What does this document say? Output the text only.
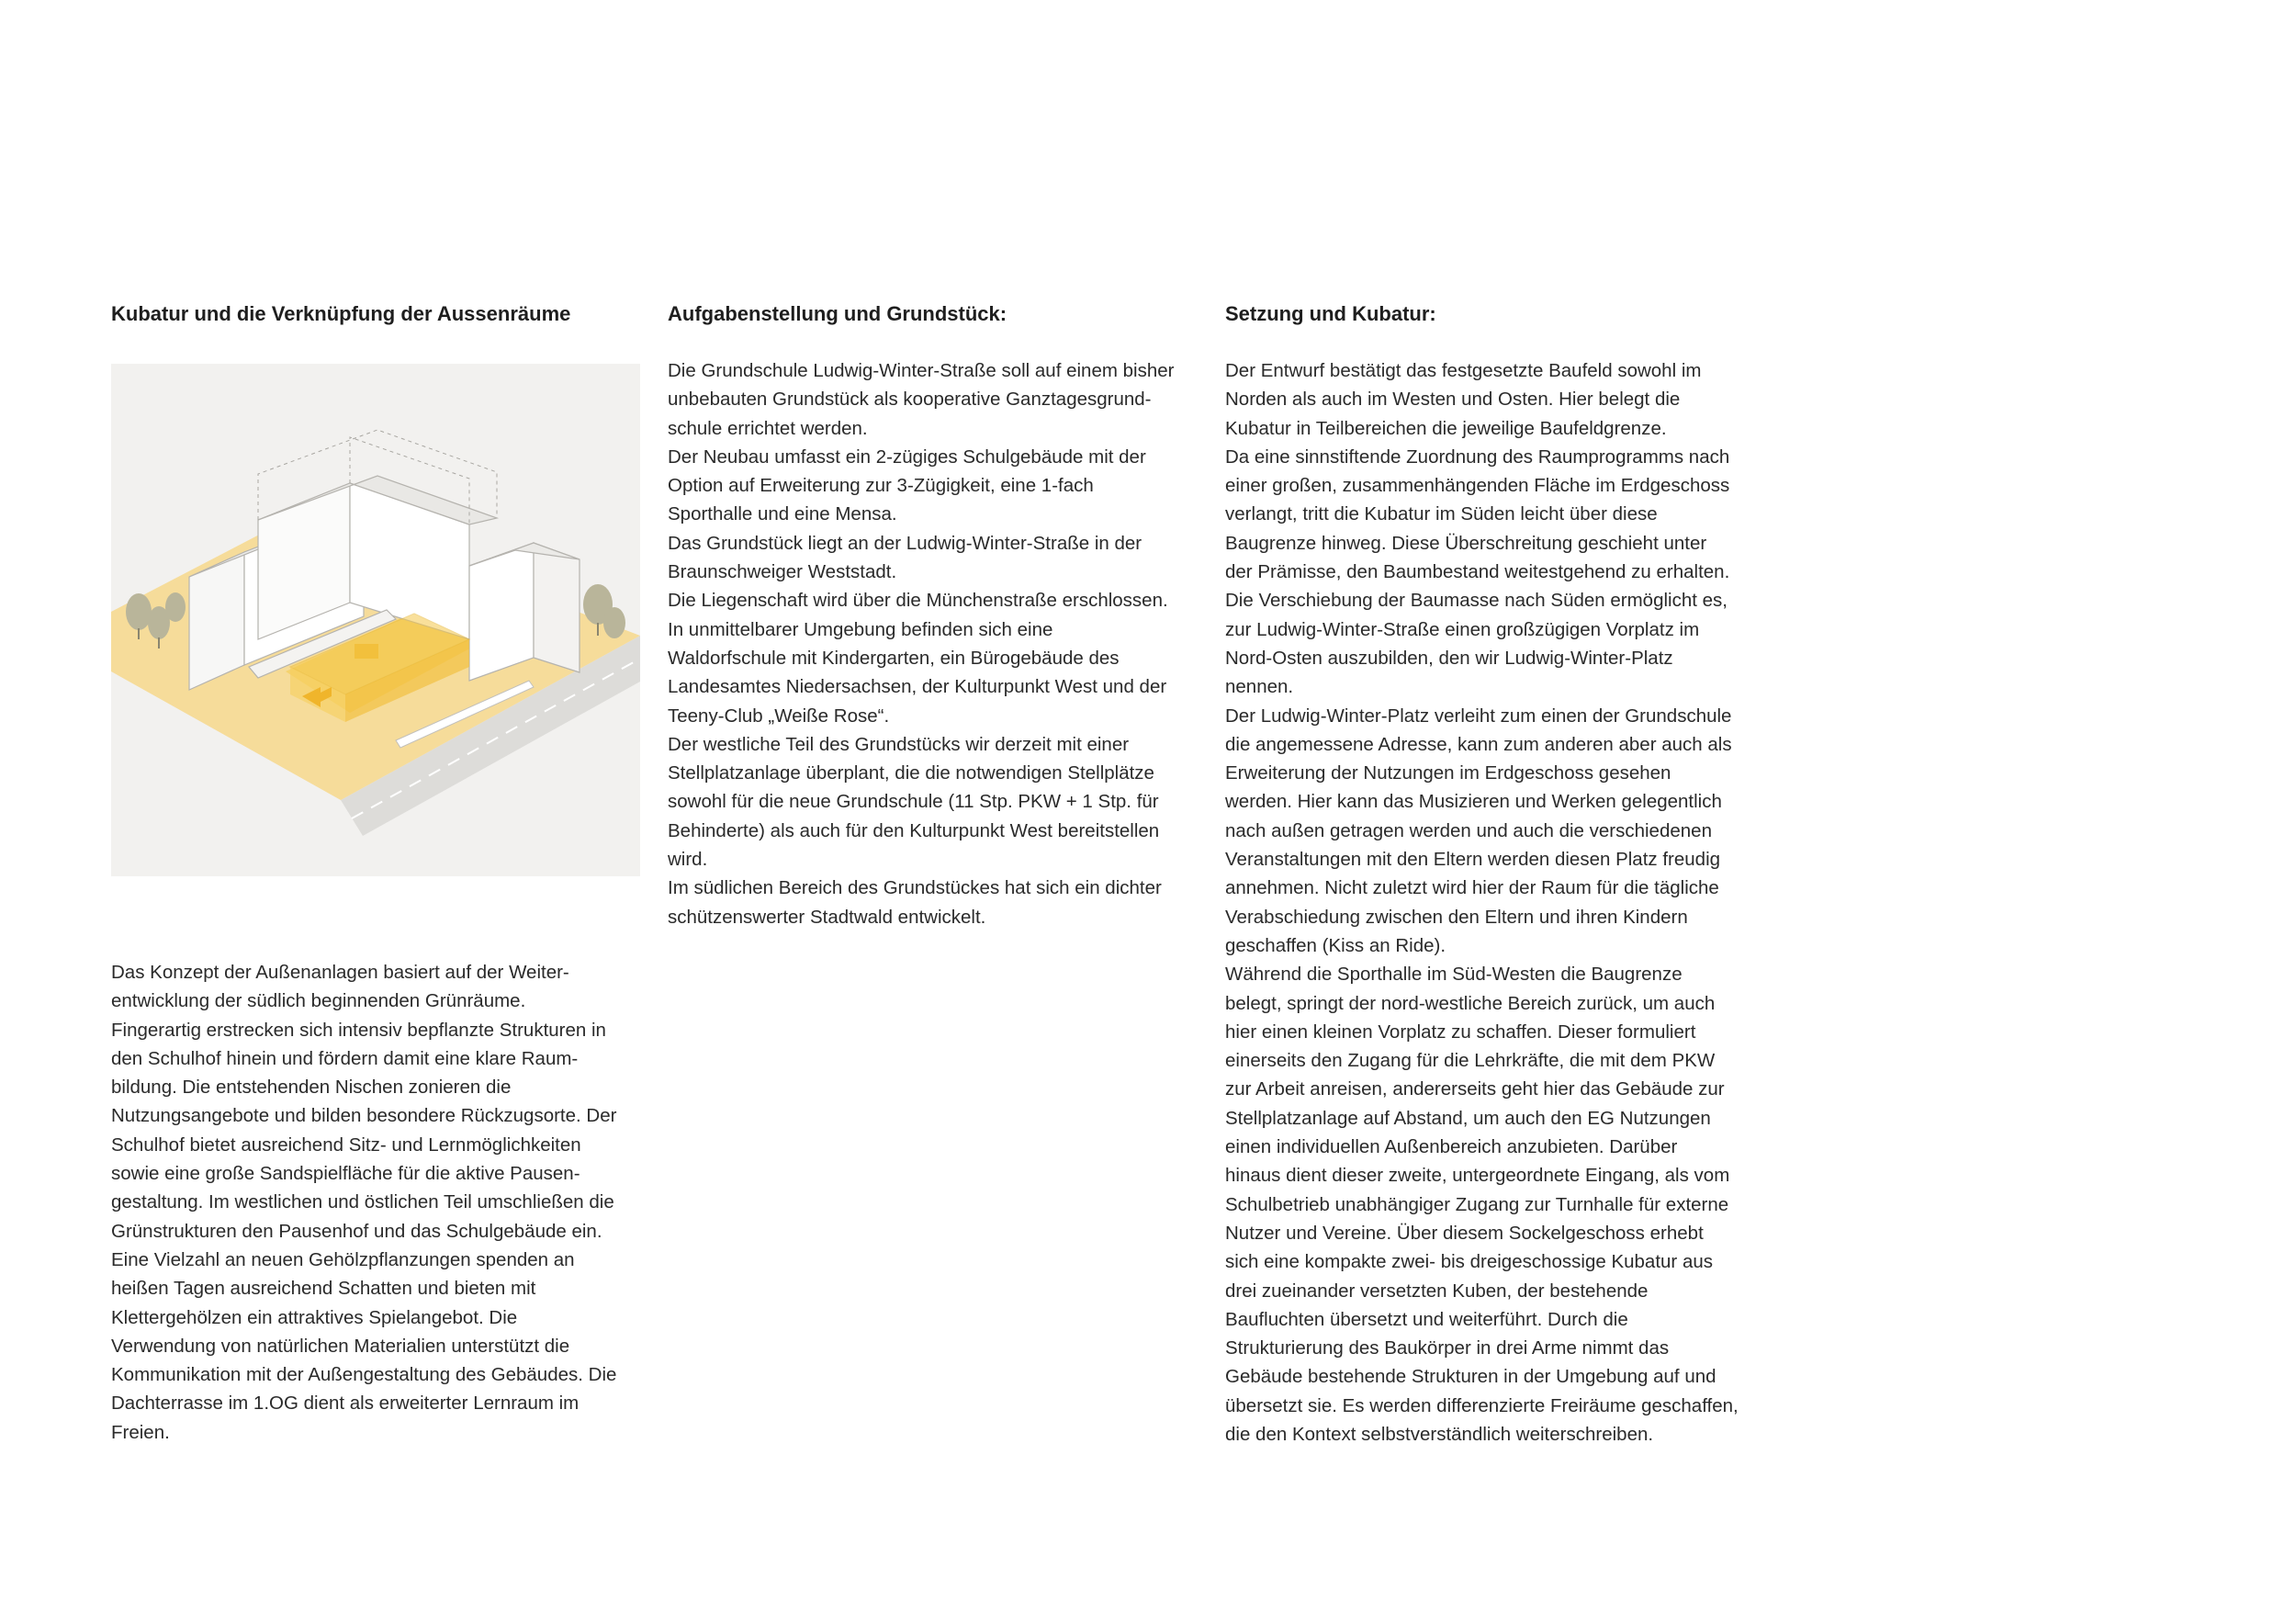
Kubatur und die Verknüpfung der Aussenräume

Das Konzept der Außenanlagen basiert auf der Weiter-
entwicklung der südlich beginnenden Grünräume.
Fingerartig erstrecken sich intensiv bepflanzte Strukturen in
den Schulhof hinein und fördern damit eine klare Raum-
bildung. Die entstehenden Nischen zonieren die
Nutzungsangebote und bilden besondere Rückzugsorte. Der
Schulhof bietet ausreichend Sitz- und Lernmöglichkeiten
sowie eine große Sandspielfläche für die aktive Pausen-
gestaltung. Im westlichen und östlichen Teil umschließen die
Grünstrukturen den Pausenhof und das Schulgebäude ein.
Eine Vielzahl an neuen Gehölzpflanzungen spenden an
heißen Tagen ausreichend Schatten und bieten mit
Klettergehölzen ein attraktives Spielangebot. Die
Verwendung von natürlichen Materialien unterstützt die
Kommunikation mit der Außengestaltung des Gebäudes. Die
Dachterrasse im 1.OG dient als erweiterter Lernraum im
Freien.

Aufgabenstellung und Grundstück:

Die Grundschule Ludwig-Winter-Straße soll auf einem bisher
unbebauten Grundstück als kooperative Ganztagesgrund-
schule errichtet werden.
Der Neubau umfasst ein 2-zügiges Schulgebäude mit der
Option auf Erweiterung zur 3-Zügigkeit, eine 1-fach
Sporthalle und eine Mensa.
Das Grundstück liegt an der Ludwig-Winter-Straße in der
Braunschweiger Weststadt.
Die Liegenschaft wird über die Münchenstraße erschlossen.
In unmittelbarer Umgebung befinden sich eine
Waldorfschule mit Kindergarten, ein Bürogebäude des
Landesamtes Niedersachsen, der Kulturpunkt West und der
Teeny-Club „Weiße Rose“.
Der westliche Teil des Grundstücks wir derzeit mit einer
Stellplatzanlage überplant, die die notwendigen Stellplätze
sowohl für die neue Grundschule (11 Stp. PKW + 1 Stp. für
Behinderte) als auch für den Kulturpunkt West bereitstellen
wird.
Im südlichen Bereich des Grundstückes hat sich ein dichter
schützenswerter Stadtwald entwickelt.

Setzung und Kubatur:

Der Entwurf bestätigt das festgesetzte Baufeld sowohl im
Norden als auch im Westen und Osten. Hier belegt die
Kubatur in Teilbereichen die jeweilige Baufeldgrenze.
Da eine sinnstiftende Zuordnung des Raumprogramms nach
einer großen, zusammenhängenden Fläche im Erdgeschoss
verlangt, tritt die Kubatur im Süden leicht über diese
Baugrenze hinweg. Diese Überschreitung geschieht unter
der Prämisse, den Baumbestand weitestgehend zu erhalten.
Die Verschiebung der Baumasse nach Süden ermöglicht es,
zur Ludwig-Winter-Straße einen großzügigen Vorplatz im
Nord-Osten auszubilden, den wir Ludwig-Winter-Platz
nennen.
Der Ludwig-Winter-Platz verleiht zum einen der Grundschule
die angemessene Adresse, kann zum anderen aber auch als
Erweiterung der Nutzungen im Erdgeschoss gesehen
werden. Hier kann das Musizieren und Werken gelegentlich
nach außen getragen werden und auch die verschiedenen
Veranstaltungen mit den Eltern werden diesen Platz freudig
annehmen. Nicht zuletzt wird hier der Raum für die tägliche
Verabschiedung zwischen den Eltern und ihren Kindern
geschaffen (Kiss an Ride).
Während die Sporthalle im Süd-Westen die Baugrenze
belegt, springt der nord-westliche Bereich zurück, um auch
hier einen kleinen Vorplatz zu schaffen. Dieser formuliert
einerseits den Zugang für die Lehrkräfte, die mit dem PKW
zur Arbeit anreisen, andererseits geht hier das Gebäude zur
Stellplatzanlage auf Abstand, um auch den EG Nutzungen
einen individuellen Außenbereich anzubieten. Darüber
hinaus dient dieser zweite, untergeordnete Eingang, als vom
Schulbetrieb unabhängiger Zugang zur Turnhalle für externe
Nutzer und Vereine. Über diesem Sockelgeschoss erhebt
sich eine kompakte zwei- bis dreigeschossige Kubatur aus
drei zueinander versetzten Kuben, der bestehende
Baufluchten übersetzt und weiterführt. Durch die
Strukturierung des Baukörper in drei Arme nimmt das
Gebäude bestehende Strukturen in der Umgebung auf und
übersetzt sie. Es werden differenzierte Freiräume geschaffen,
die den Kontext selbstverständlich weiterschreiben.
